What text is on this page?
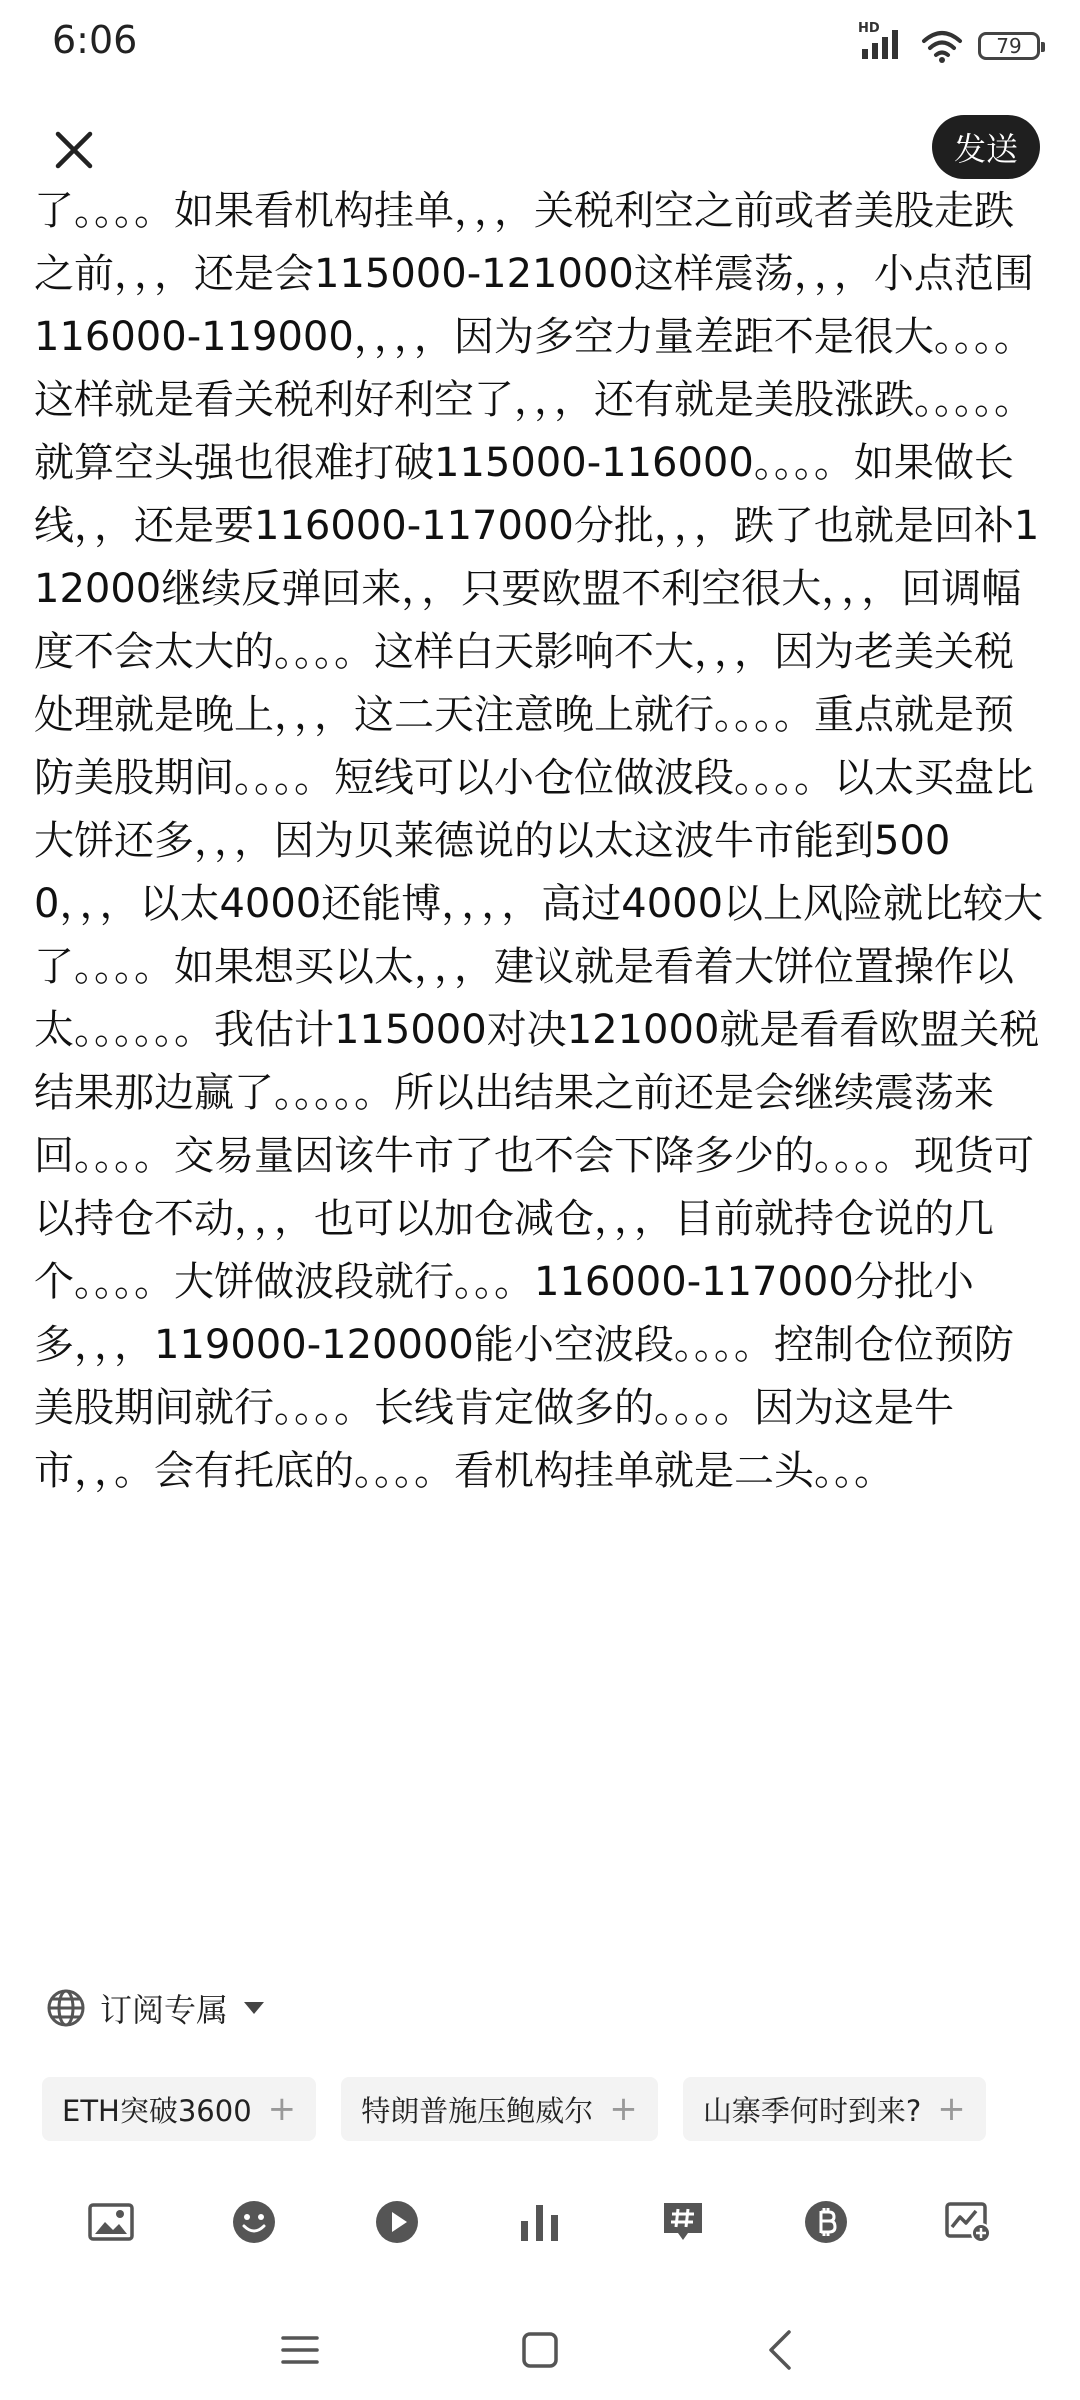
6:06	HD
79
发送

了。。。。如果看机构挂单，，，关税利空之前或者美股走跌之前，，，还是会115000-121000这样震荡，，，小点范围116000-119000，，，，因为多空力量差距不是很大。。。。这样就是看关税利好利空了，，，还有就是美股涨跌。。。。。就算空头强也很难打破115000-116000。。。。如果做长线，，还是要116000-117000分批，，，跌了也就是回补112000继续反弹回来，，只要欧盟不利空很大，，，回调幅度不会太大的。。。。这样白天影响不大，，，因为老美关税处理就是晚上，，，这二天注意晚上就行。。。。重点就是预防美股期间。。。。短线可以小仓位做波段。。。。以太买盘比大饼还多，，，因为贝莱德说的以太这波牛市能到5000，，，以太4000还能博，，，，高过4000以上风险就比较大了。。。。如果想买以太，，，建议就是看着大饼位置操作以太。。。。。。我估计115000对决121000就是看看欧盟关税结果那边赢了。。。。。所以出结果之前还是会继续震荡来回。。。。交易量因该牛市了也不会下降多少的。。。。现货可以持仓不动，，，也可以加仓减仓，，，目前就持仓说的几个。。。。大饼做波段就行。。。116000-117000分批小多，，，119000-120000能小空波段。。。。控制仓位预防美股期间就行。。。。长线肯定做多的。。。。因为这是牛市，，。会有托底的。。。。看机构挂单就是二头。。。

订阅专属
ETH突破3600 +
特朗普施压鲍威尔 +
山寨季何时到来? +
